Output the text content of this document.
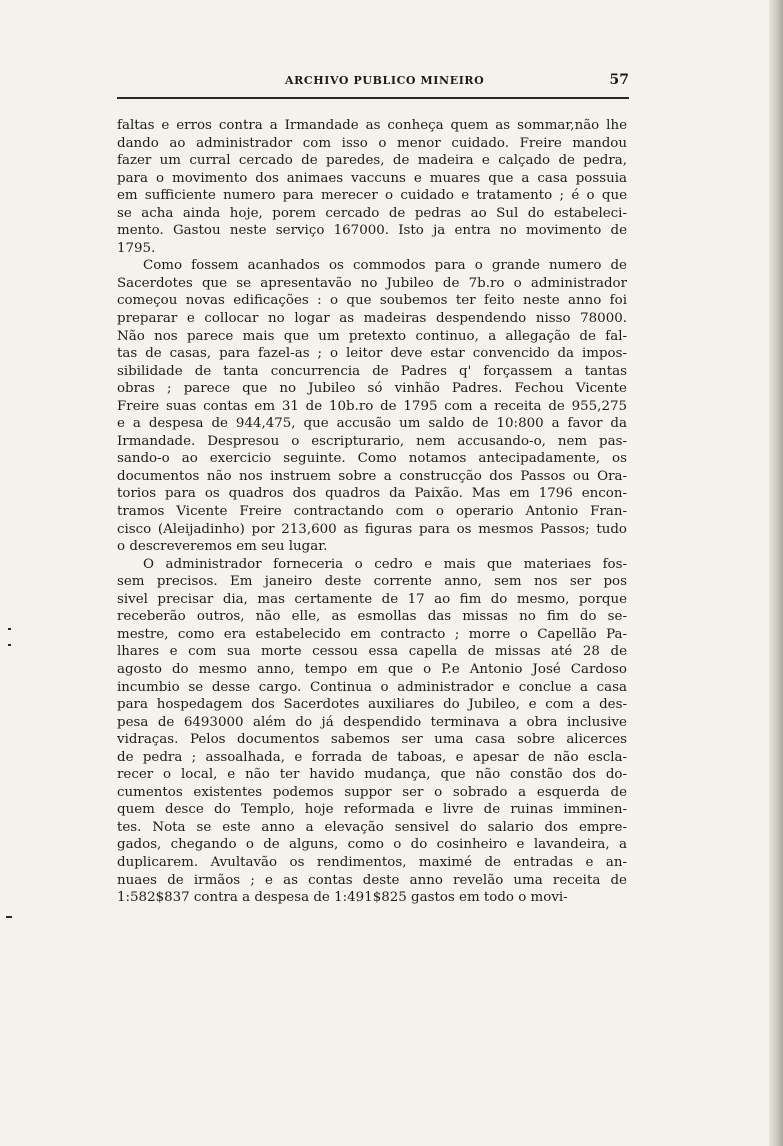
ARCHIVO PUBLICO MINEIRO	57
faltas e erros contra a Irmandade as conheça quem as sommar,não lhe
dando ao administrador com isso o menor cuidado. Freire mandou
fazer um curral cercado de paredes, de madeira e calçado de pedra,
para o movimento dos animaes vaccuns e muares que a casa possuia
em sufficiente numero para merecer o cuidado e tratamento ; é o que
se acha ainda hoje, porem cercado de pedras ao Sul do estabeleci-
mento. Gastou neste serviço 167000. Isto ja entra no movimento de
1795.
Como fossem acanhados os commodos para o grande numero de
Sacerdotes que se apresentavão no Jubileo de 7b.ro o administrador
começou novas edificações : o que soubemos ter feito neste anno foi
preparar e collocar no logar as madeiras despendendo nisso 78000.
Não nos parece mais que um pretexto continuo, a allegação de fal-
tas de casas, para fazel-as ; o leitor deve estar convencido da impos-
sibilidade de tanta concurrencia de Padres q' forçassem a tantas
obras ; parece que no Jubileo só vinhão Padres. Fechou Vicente
Freire suas contas em 31 de 10b.ro de 1795 com a receita de 955,275
e a despesa de 944,475, que accusão um saldo de 10:800 a favor da
Irmandade. Despresou o escripturario, nem accusando-o, nem pas-
sando-o ao exercicio seguinte. Como notamos antecipadamente, os
documentos não nos instruem sobre a construcção dos Passos ou Ora-
torios para os quadros dos quadros da Paixão. Mas em 1796 encon-
tramos Vicente Freire contractando com o operario Antonio Fran-
cisco (Aleijadinho) por 213,600 as figuras para os mesmos Passos; tudo
o descreveremos em seu lugar.
O administrador forneceria o cedro e mais que materiaes fos-
sem precisos. Em janeiro deste corrente anno, sem nos ser pos
sivel precisar dia, mas certamente de 17 ao fim do mesmo, porque
receberão outros, não elle, as esmollas das missas no fim do se-
mestre, como era estabelecido em contracto ; morre o Capellão Pa-
lhares e com sua morte cessou essa capella de missas até 28 de
agosto do mesmo anno, tempo em que o P.e Antonio José Cardoso
incumbio se desse cargo. Continua o administrador e conclue a casa
para hospedagem dos Sacerdotes auxiliares do Jubileo, e com a des-
pesa de 6493000 além do já despendido terminava a obra inclusive
vidraças. Pelos documentos sabemos ser uma casa sobre alicerces
de pedra ; assoalhada, e forrada de taboas, e apesar de não escla-
recer o local, e não ter havido mudança, que não constão dos do-
cumentos existentes podemos suppor ser o sobrado a esquerda de
quem desce do Templo, hoje reformada e livre de ruinas imminen-
tes. Nota se este anno a elevação sensivel do salario dos empre-
gados, chegando o de alguns, como o do cosinheiro e lavandeira, a
duplicarem. Avultavão os rendimentos, maximé de entradas e an-
nuaes de irmãos ; e as contas deste anno revelão uma receita de
1:582$837 contra a despesa de 1:491$825 gastos em todo o movi-
